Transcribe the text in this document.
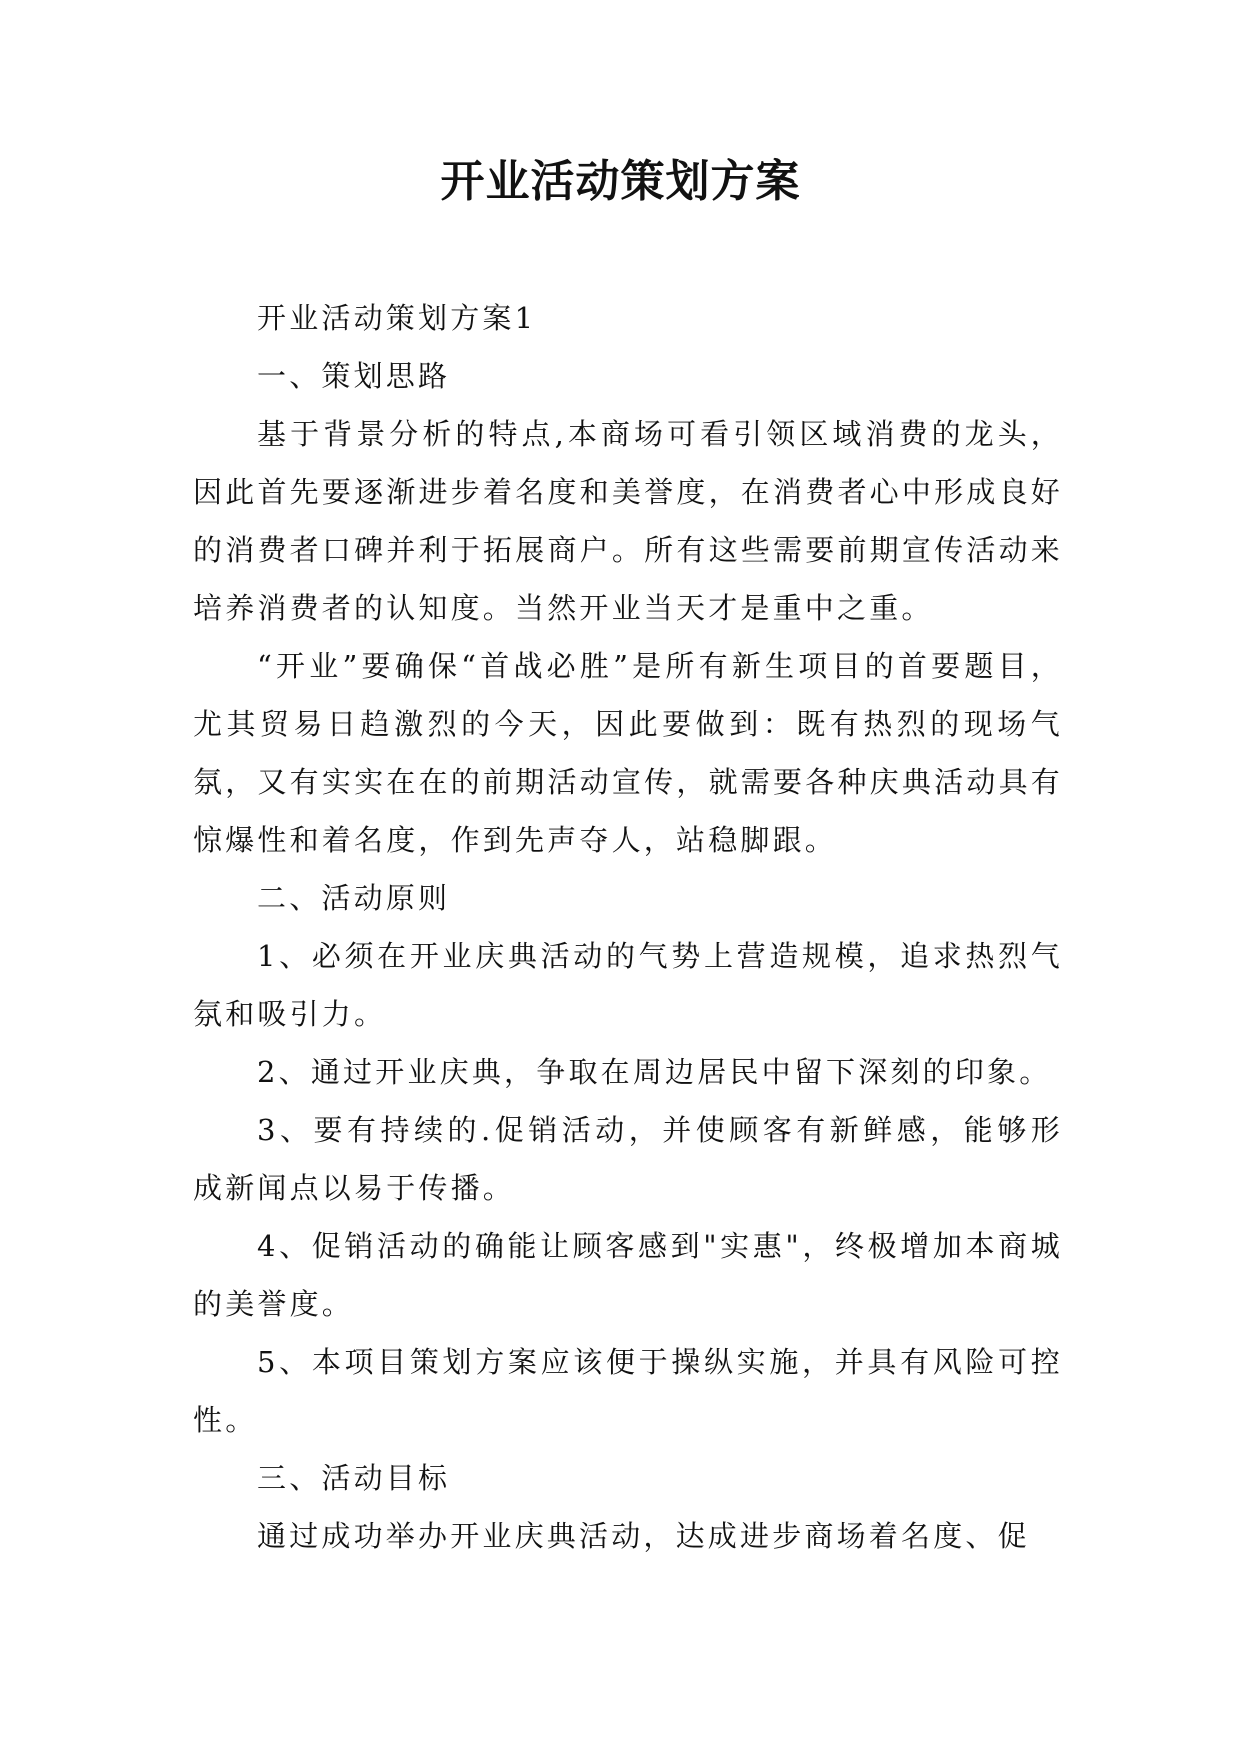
开业活动策划方案

开业活动策划方案1

一、策划思路

基于背景分析的特点,本商场可看引领区域消费的龙头，因此首先要逐渐进步着名度和美誉度，在消费者心中形成良好的消费者口碑并利于拓展商户。所有这些需要前期宣传活动来培养消费者的认知度。当然开业当天才是重中之重。

“开业”要确保“首战必胜”是所有新生项目的首要题目，尤其贸易日趋激烈的今天，因此要做到：既有热烈的现场气氛，又有实实在在的前期活动宣传，就需要各种庆典活动具有惊爆性和着名度，作到先声夺人，站稳脚跟。

二、活动原则

1、必须在开业庆典活动的气势上营造规模，追求热烈气氛和吸引力。

2、通过开业庆典，争取在周边居民中留下深刻的印象。

3、要有持续的.促销活动，并使顾客有新鲜感，能够形成新闻点以易于传播。

4、促销活动的确能让顾客感到"实惠"，终极增加本商城的美誉度。

5、本项目策划方案应该便于操纵实施，并具有风险可控性。

三、活动目标

通过成功举办开业庆典活动，达成进步商场着名度、促
